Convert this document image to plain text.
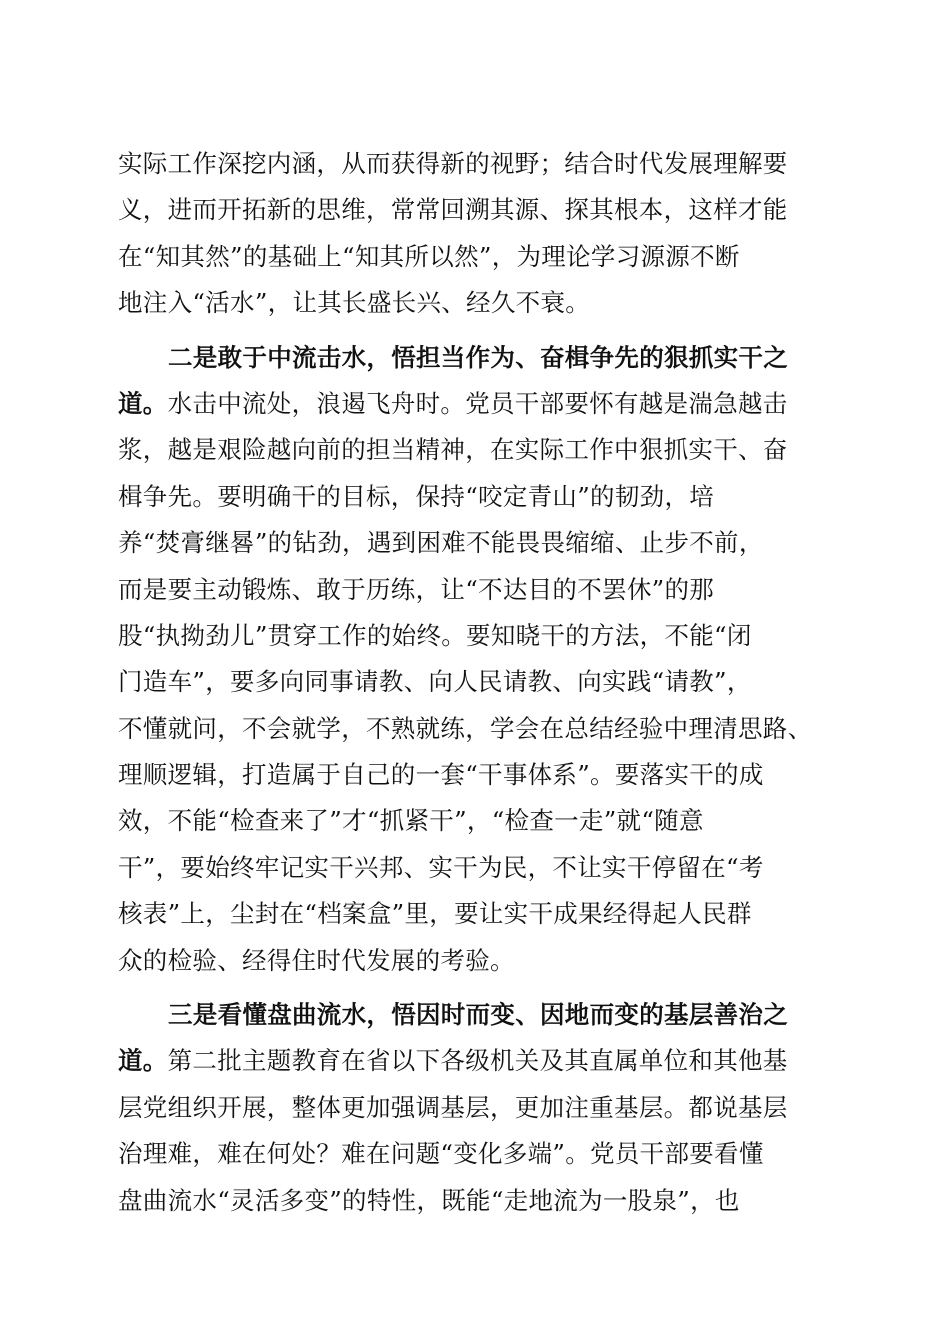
实际工作深挖内涵，从而获得新的视野；结合时代发展理解要
义，进而开拓新的思维，常常回溯其源、探其根本，这样才能
在“知其然”的基础上“知其所以然”，为理论学习源源不断
地注入“活水”，让其长盛长兴、经久不衰。
二是敢于中流击水，悟担当作为、奋楫争先的狠抓实干之
道。水击中流处，浪遏飞舟时。党员干部要怀有越是湍急越击
浆，越是艰险越向前的担当精神，在实际工作中狠抓实干、奋
楫争先。要明确干的目标，保持“咬定青山”的韧劲，培
养“焚膏继晷”的钻劲，遇到困难不能畏畏缩缩、止步不前，
而是要主动锻炼、敢于历练，让“不达目的不罢休”的那
股“执拗劲儿”贯穿工作的始终。要知晓干的方法，不能“闭
门造车”，要多向同事请教、向人民请教、向实践“请教”，
不懂就问，不会就学，不熟就练，学会在总结经验中理清思路、
理顺逻辑，打造属于自己的一套“干事体系”。要落实干的成
效，不能“检查来了”才“抓紧干”，“检查一走”就“随意
干”，要始终牢记实干兴邦、实干为民，不让实干停留在“考
核表”上，尘封在“档案盒”里，要让实干成果经得起人民群
众的检验、经得住时代发展的考验。
三是看懂盘曲流水，悟因时而变、因地而变的基层善治之
道。第二批主题教育在省以下各级机关及其直属单位和其他基
层党组织开展，整体更加强调基层，更加注重基层。都说基层
治理难，难在何处？难在问题“变化多端”。党员干部要看懂
盘曲流水“灵活多变”的特性，既能“走地流为一股泉”，也
